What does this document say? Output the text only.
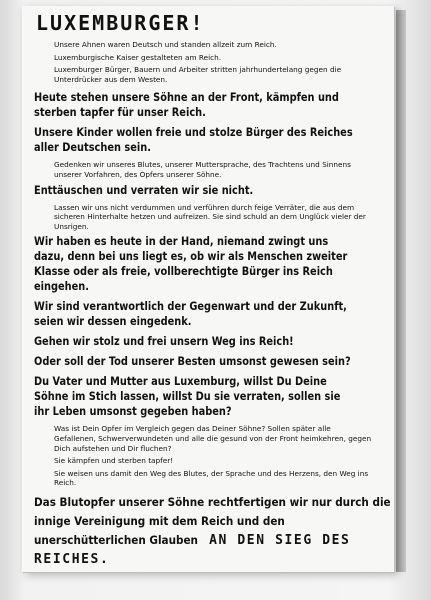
LUXEMBURGER!
Unsere Ahnen waren Deutsch und standen allzeit zum Reich.
Luxemburgische Kaiser gestalteten am Reich.
Luxemburger Bürger, Bauern und Arbeiter stritten jahrhundertelang gegen die Unterdrücker aus dem Westen.
Heute stehen unsere Söhne an der Front, kämpfen und sterben tapfer für unser Reich.
Unsere Kinder wollen freie und stolze Bürger des Reiches aller Deutschen sein.
Gedenken wir unseres Blutes, unserer Muttersprache, des Trachtens und Sinnens unserer Vorfahren, des Opfers unserer Söhne.
Enttäuschen und verraten wir sie nicht.
Lassen wir uns nicht verdummen und verführen durch feige Verräter, die aus dem sicheren Hinterhalte hetzen und aufreizen. Sie sind schuld an dem Unglück vieler der Unsrigen.
Wir haben es heute in der Hand, niemand zwingt uns dazu, denn bei uns liegt es, ob wir als Menschen zweiter Klasse oder als freie, vollberechtigte Bürger ins Reich eingehen.
Wir sind verantwortlich der Gegenwart und der Zukunft, seien wir dessen eingedenk.
Gehen wir stolz und frei unsern Weg ins Reich!
Oder soll der Tod unserer Besten umsonst gewesen sein?
Du Vater und Mutter aus Luxemburg, willst Du Deine Söhne im Stich lassen, willst Du sie verraten, sollen sie ihr Leben umsonst gegeben haben?
Was ist Dein Opfer im Vergleich gegen das Deiner Söhne? Sollen später alle Gefallenen, Schwerverwundeten und alle die gesund von der Front heimkehren, gegen Dich aufstehen und Dir fluchen?
Sie kämpfen und sterben tapfer!
Sie weisen uns damit den Weg des Blutes, der Sprache und des Herzens, den Weg ins Reich.
Das Blutopfer unserer Söhne rechtfertigen wir nur durch die innige Vereinigung mit dem Reich und den unerschütterlichen Glauben AN DEN SIEG DES REICHES.
